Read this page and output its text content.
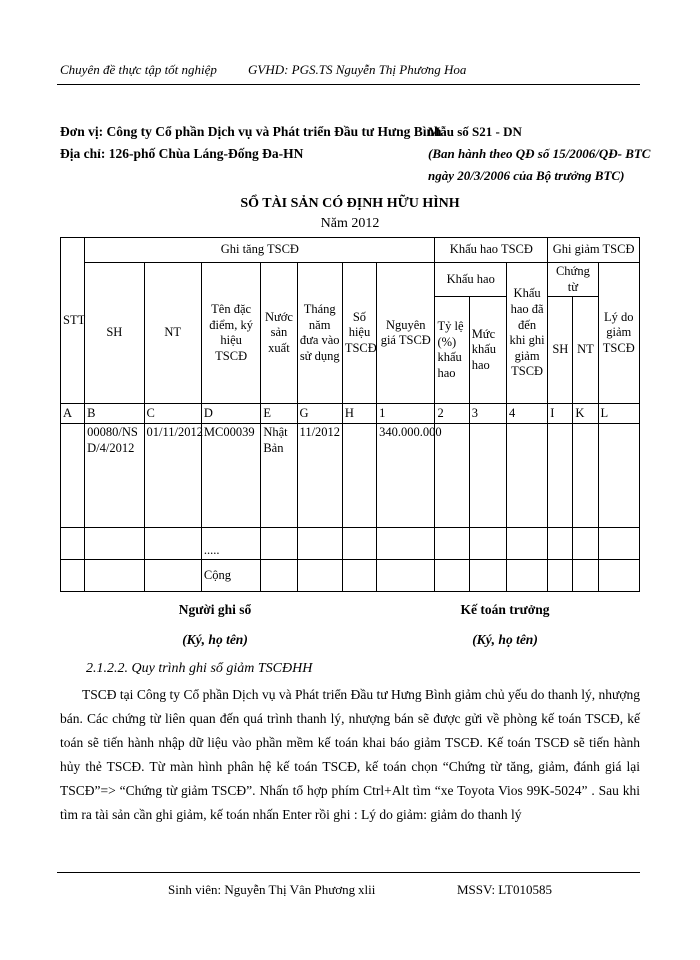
Chuyên đề thực tập tốt nghiệp GVHD: PGS.TS Nguyễn Thị Phương Hoa
Đơn vị: Công ty Cổ phần Dịch vụ và Phát triển Đầu tư Hưng Bình
Địa chỉ: 126-phố Chùa Láng-Đống Đa-HN
Mẫu số S21 - DN
(Ban hành theo QĐ số 15/2006/QĐ- BTC
ngày 20/3/2006 của Bộ trưởng BTC)
SỔ TÀI SẢN CÓ ĐỊNH HỮU HÌNH
Năm 2012
STT	Ghi tăng TSCĐ							Khấu hao TSCĐ			Ghi giảm TSCĐ		
	SH	NT	Tên đặc điểm, ký hiệu TSCĐ	Nước sản xuất	Tháng năm đưa vào sử dụng	Số hiệu TSCĐ	Nguyên giá TSCĐ	Khấu hao		Khấu hao đã đến khi ghi giảm TSCĐ	Chứng từ		Lý do giảm TSCĐ
								Tỷ lệ (%) khấu hao	Mức khấu hao		SH	NT	
A	B	C	D	E	G	H	1	2	3	4	I	K	L
	00080/NSD/4/2012	01/11/2012	MC00039	Nhật Bản	11/2012		340.000.000						
			.....										
			Cộng										
Người ghi sổ
(Ký, họ tên)
Kế toán trưởng
(Ký, họ tên)
2.1.2.2. Quy trình ghi sổ giảm TSCĐHH

TSCĐ tại Công ty Cổ phần Dịch vụ và Phát triển Đầu tư Hưng Bình giảm chủ yếu do thanh lý, nhượng bán. Các chứng từ liên quan đến quá trình thanh lý, nhượng bán sẽ được gửi về phòng kế toán TSCĐ, kế toán sẽ tiến hành nhập dữ liệu vào phần mềm kế toán khai báo giảm TSCĐ. Kế toán TSCĐ sẽ tiến hành hủy thẻ TSCĐ. Từ màn hình phân hệ kế toán TSCĐ, kế toán chọn “Chứng từ tăng, giảm, đánh giá lại TSCĐ”=> “Chứng từ giảm TSCĐ”. Nhấn tổ hợp phím Ctrl+Alt tìm “xe Toyota Vios 99K-5024” . Sau khi tìm ra tài sản cần ghi giảm, kế toán nhấn Enter rồi ghi : Lý do giảm: giảm do thanh lý

Sinh viên: Nguyễn Thị Vân Phương xlii	MSSV: LT010585
